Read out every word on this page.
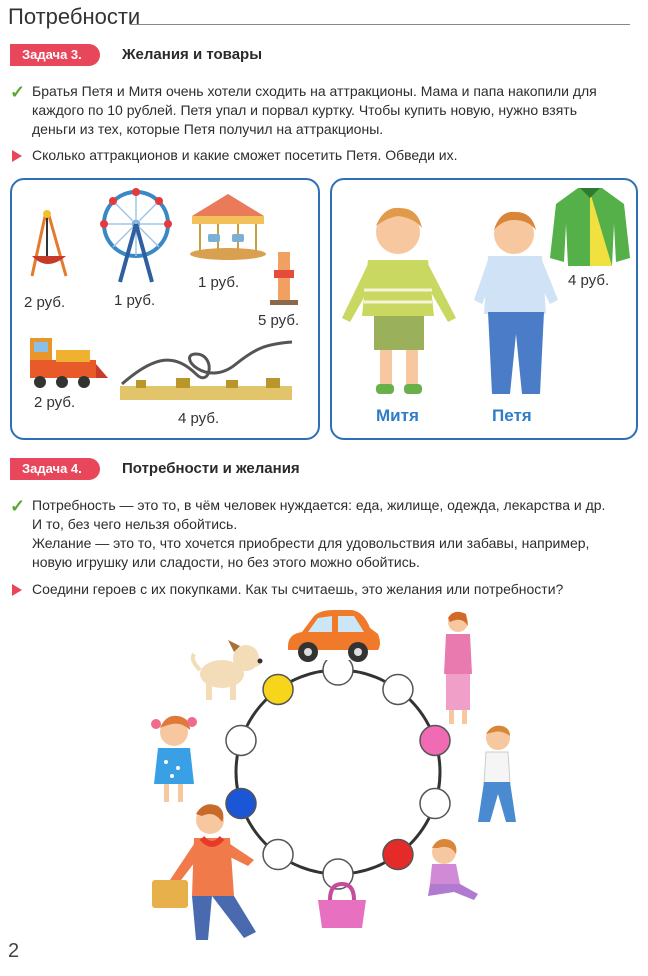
Потребности
Задача 3.	Желания и товары
✓ Братья Петя и Митя очень хотели сходить на аттракционы. Мама и папа накопили для
каждого по 10 рублей. Петя упал и порвал куртку. Чтобы купить новую, нужно взять
деньги из тех, которые Петя получил на аттракционы.
Сколько аттракционов и какие сможет посетить Петя. Обведи их.
2 руб.	1 руб.
1 руб.
5 руб.
2 руб.
4 руб.	Митя	Петя
4 руб.
Задача 4.	Потребности и желания
✓ Потребность — это то, в чём человек нуждается: еда, жилище, одежда, лекарства и др.
И то, без чего нельзя обойтись.
Желание — это то, что хочется приобрести для удовольствия или забавы, например,
новую игрушку или сладости, но без этого можно обойтись.
Соедини героев с их покупками. Как ты считаешь, это желания или потребности?
2
